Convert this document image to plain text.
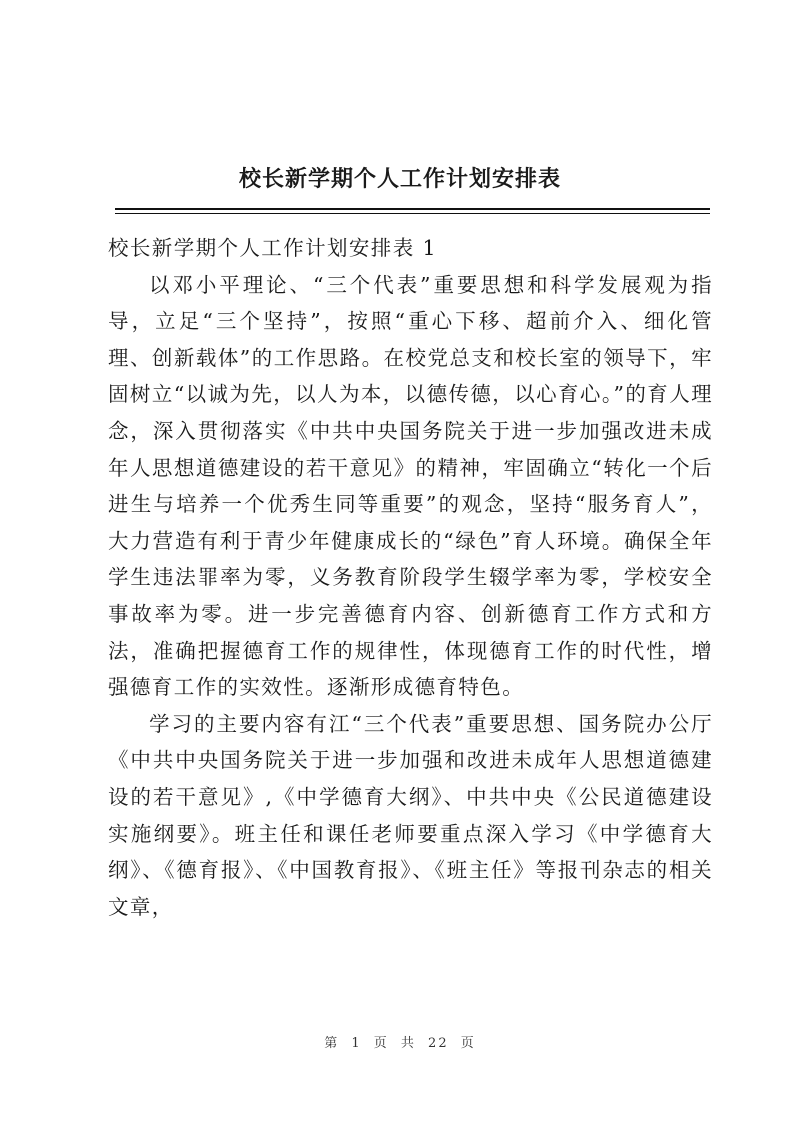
校长新学期个人工作计划安排表

校长新学期个人工作计划安排表 1

以邓小平理论、“三个代表”重要思想和科学发展观为指导，立足“三个坚持”，按照“重心下移、超前介入、细化管理、创新载体”的工作思路。在校党总支和校长室的领导下，牢固树立“以诚为先，以人为本，以德传德，以心育心。”的育人理念，深入贯彻落实《中共中央国务院关于进一步加强改进未成年人思想道德建设的若干意见》的精神，牢固确立“转化一个后进生与培养一个优秀生同等重要”的观念，坚持“服务育人”，大力营造有利于青少年健康成长的“绿色”育人环境。确保全年学生违法罪率为零，义务教育阶段学生辍学率为零，学校安全事故率为零。进一步完善德育内容、创新德育工作方式和方法，准确把握德育工作的规律性，体现德育工作的时代性，增强德育工作的实效性。逐渐形成德育特色。

学习的主要内容有江“三个代表”重要思想、国务院办公厅《中共中央国务院关于进一步加强和改进未成年人思想道德建设的若干意见》,《中学德育大纲》、中共中央《公民道德建设实施纲要》。班主任和课任老师要重点深入学习《中学德育大纲》、《德育报》、《中国教育报》、《班主任》等报刊杂志的相关文章，

第 1 页 共 22 页
